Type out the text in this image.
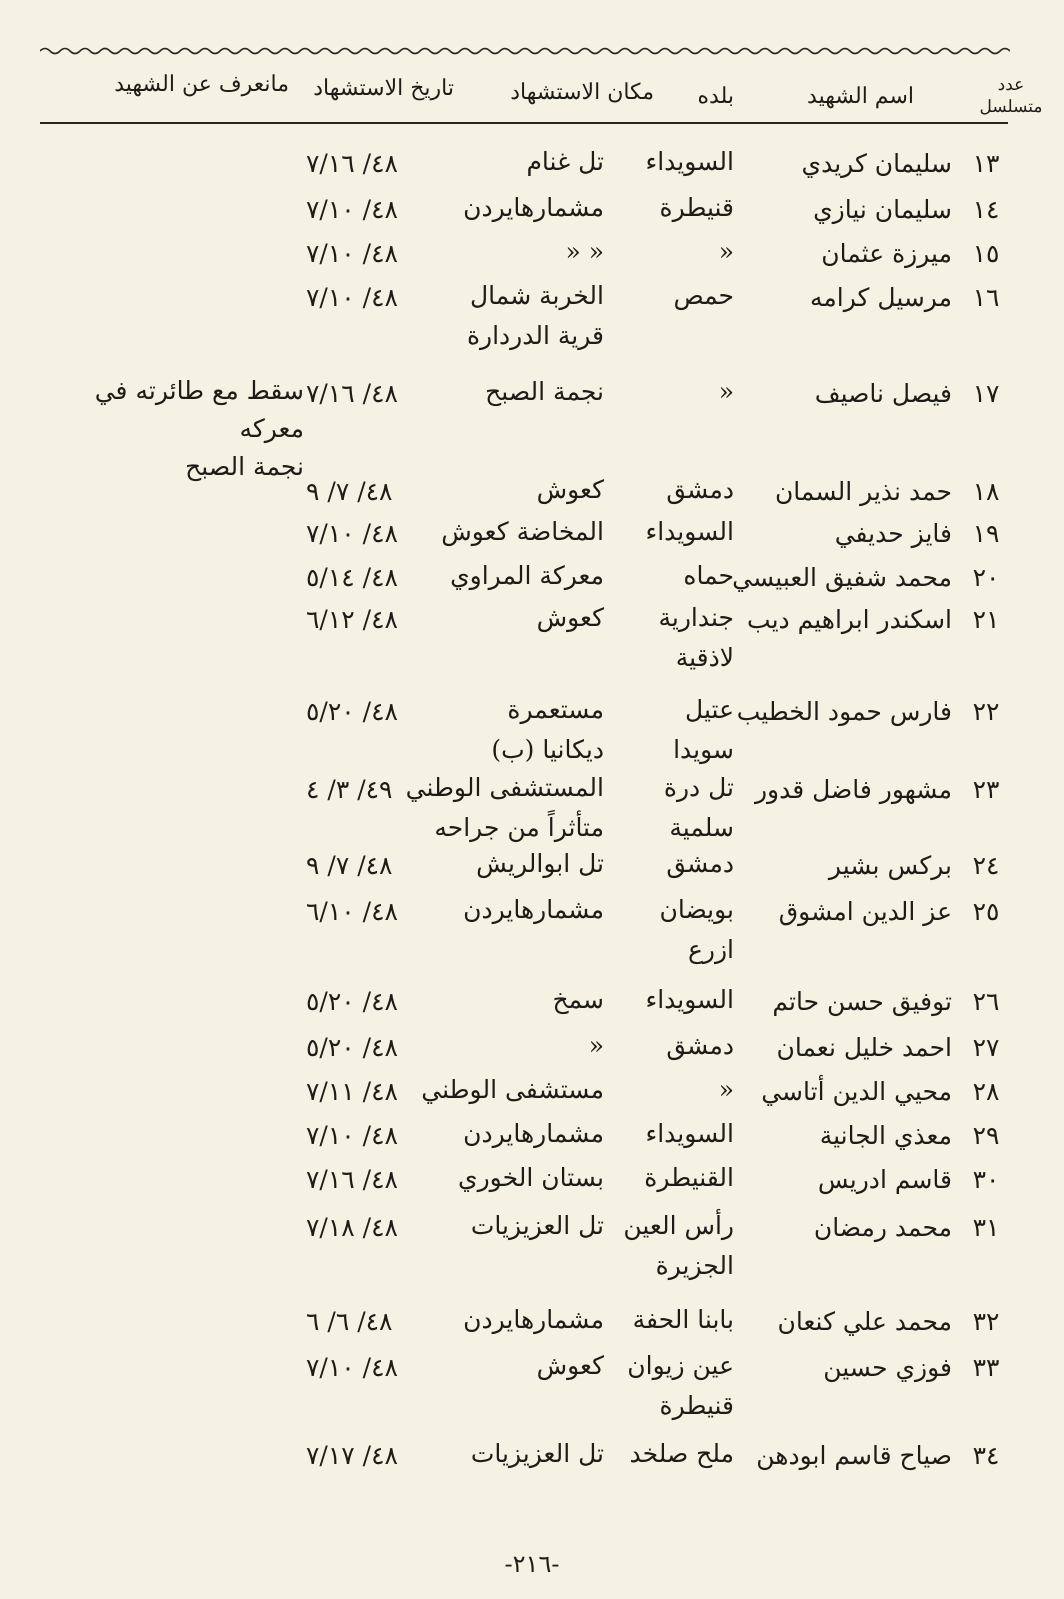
عدد
متسلسل
اسم الشهيد
بلده
مكان الاستشهاد
تاريخ الاستشهاد
مانعرف عن الشهيد
١٣
سليمان كريدي
السويداء
تل غنام
٤٨/ ٧/١٦
١٤
سليمان نيازي
قنيطرة
مشمارهايردن
٤٨/ ٧/١٠
١٥
ميرزة عثمان
«
« «
٤٨/ ٧/١٠
١٦
مرسيل كرامه
حمص
الخربة شمال
قرية الدردارة
٤٨/ ٧/١٠
١٧
فيصل ناصيف
«
نجمة الصبح
٤٨/ ٧/١٦
سقط مع طائرته في معركه
نجمة الصبح
١٨
حمد نذير السمان
دمشق
كعوش
٤٨/ ٧/ ٩
١٩
فايز حديفي
السويداء
المخاضة كعوش
٤٨/ ٧/١٠
٢٠
محمد شفيق العبيسي
حماه
معركة المراوي
٤٨/ ٥/١٤
٢١
اسكندر ابراهيم ديب
جندارية
لاذقية
كعوش
٤٨/ ٦/١٢
٢٢
فارس حمود الخطيب
عتيل
سويدا
مستعمرة
ديكانيا (ب)
٤٨/ ٥/٢٠
٢٣
مشهور فاضل قدور
تل درة
سلمية
المستشفى الوطني
متأثراً من جراحه
٤٩/ ٣/ ٤
٢٤
بركس بشير
دمشق
تل ابوالريش
٤٨/ ٧/ ٩
٢٥
عز الدين امشوق
بويضان
ازرع
مشمارهايردن
٤٨/ ٦/١٠
٢٦
توفيق حسن حاتم
السويداء
سمخ
٤٨/ ٥/٢٠
٢٧
احمد خليل نعمان
دمشق
«
٤٨/ ٥/٢٠
٢٨
محيي الدين أتاسي
«
مستشفى الوطني
٤٨/ ٧/١١
٢٩
معذي الجانية
السويداء
مشمارهايردن
٤٨/ ٧/١٠
٣٠
قاسم ادريس
القنيطرة
بستان الخوري
٤٨/ ٧/١٦
٣١
محمد رمضان
رأس العين
الجزيرة
تل العزيزيات
٤٨/ ٧/١٨
٣٢
محمد علي كنعان
بابنا الحفة
مشمارهايردن
٤٨/ ٦/ ٦
٣٣
فوزي حسين
عين زيوان
قنيطرة
كعوش
٤٨/ ٧/١٠
٣٤
صياح قاسم ابودهن
ملح صلخد
تل العزيزيات
٤٨/ ٧/١٧
-٢١٦-
